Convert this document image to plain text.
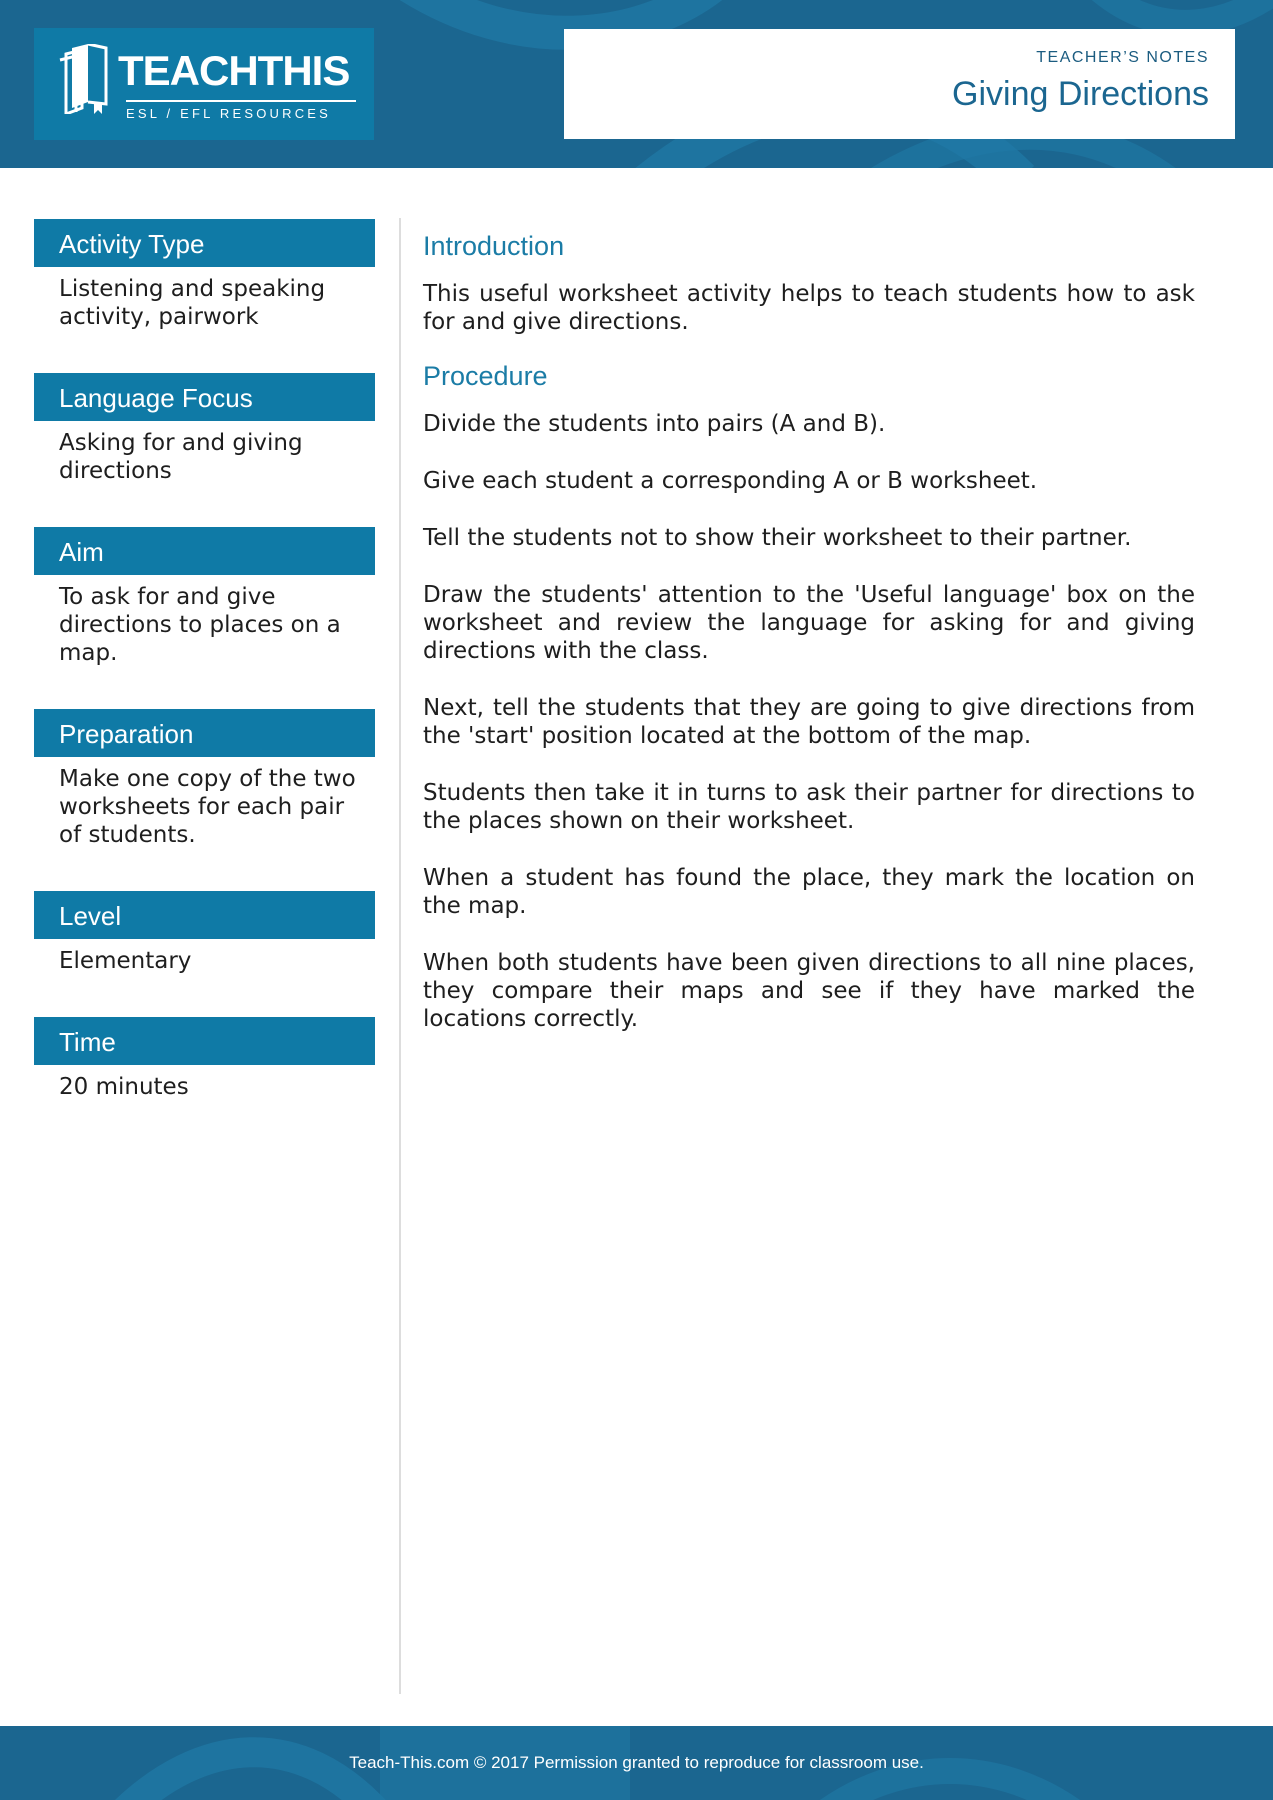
TEACHTHIS
ESL / EFL RESOURCES
TEACHER’S NOTES
Giving Directions
Activity Type
Listening and speaking activity, pairwork
Language Focus
Asking for and giving directions
Aim
To ask for and give directions to places on a map.
Preparation
Make one copy of the two worksheets for each pair of students.
Level
Elementary
Time
20 minutes
Introduction

This useful worksheet activity helps to teach students how to ask for and give directions.

Procedure

Divide the students into pairs (A and B).

Give each student a corresponding A or B worksheet.

Tell the students not to show their worksheet to their partner.

Draw the students' attention to the 'Useful language' box on the worksheet and review the language for asking for and giving directions with the class.

Next, tell the students that they are going to give directions from the 'start' position located at the bottom of the map.

Students then take it in turns to ask their partner for directions to the places shown on their worksheet.

When a student has found the place, they mark the location on the map.

When both students have been given directions to all nine places, they compare their maps and see if they have marked the locations correctly.

Teach-This.com © 2017 Permission granted to reproduce for classroom use.
